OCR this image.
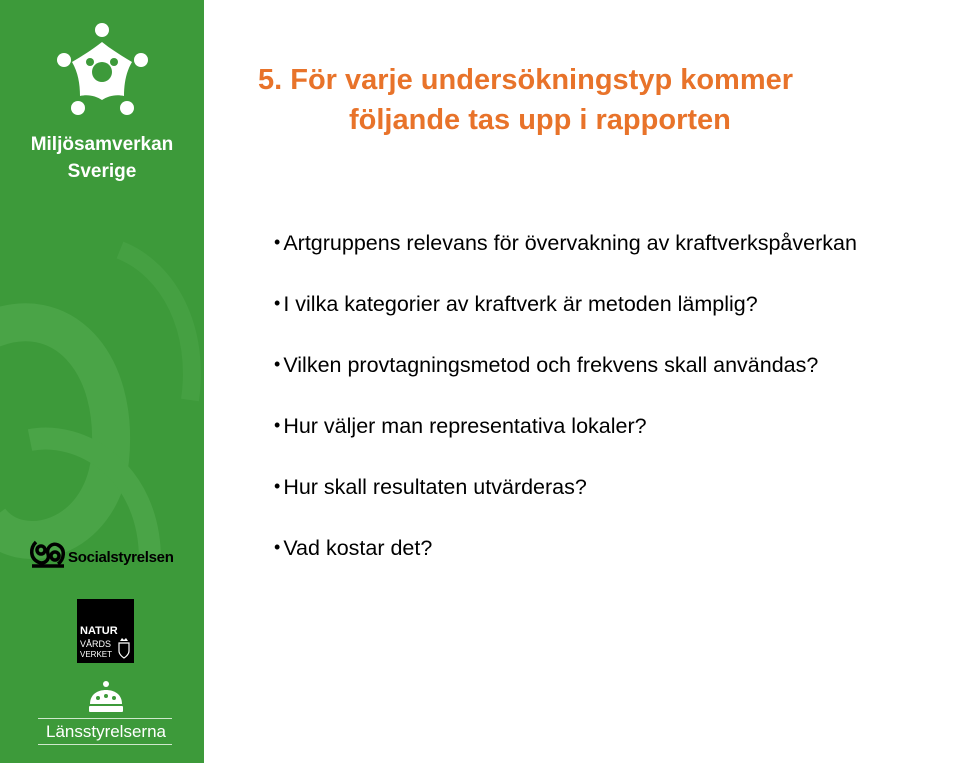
Miljösamverkan
Sverige
Socialstyrelsen
NATUR
VÅRDS
VERKET
Länsstyrelserna
5. För varje undersökningstyp kommer
följande tas upp i rapporten
• Artgruppens relevans för övervakning av kraftverkspåverkan
• I vilka kategorier av kraftverk är metoden lämplig?
• Vilken provtagningsmetod och frekvens skall användas?
• Hur väljer man representativa lokaler?
• Hur skall resultaten utvärderas?
• Vad kostar det?
